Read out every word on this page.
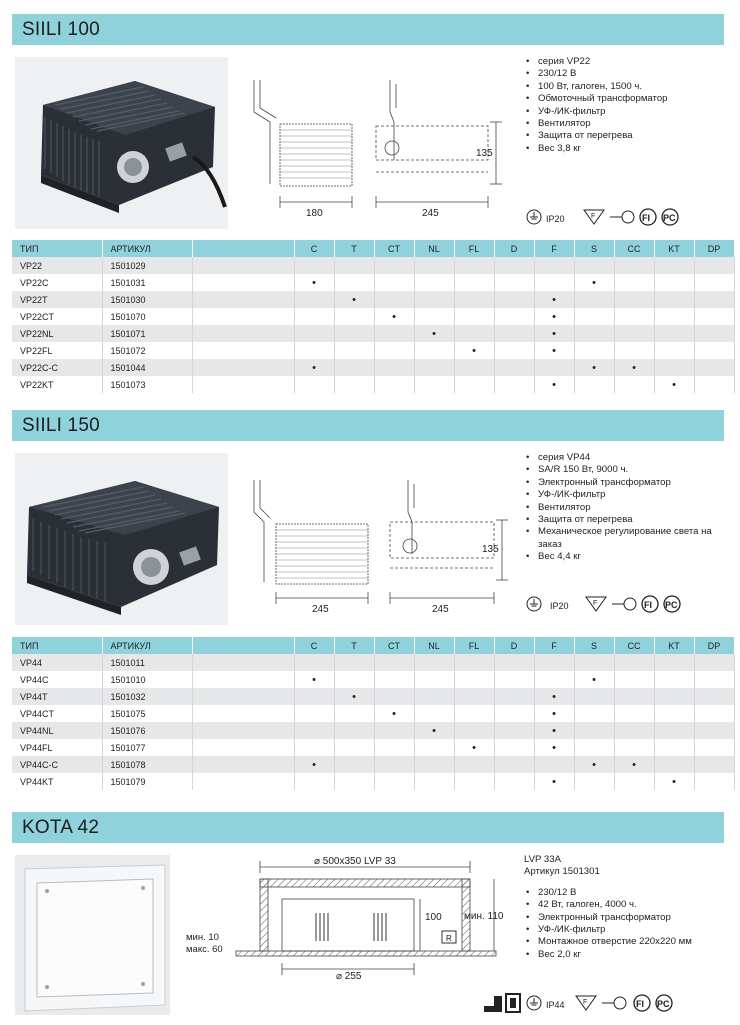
SIILI 100
180	245
135
• серия VP22
• 230/12 В
• 100 Вт, галоген, 1500 ч.
• Обмоточный трансформатор
• УФ-/ИК-фильтр
• Вентилятор
• Защита от перегрева
• Вес 3,8 кг
IP20	F	FI PC
ТИП	АРТИКУЛ		C	T	CT	NL	FL	D	F	S	CC	KT	DP
VP22	1501029												
VP22C	1501031		•							•			
VP22T	1501030			•					•				
VP22CT	1501070				•				•				
VP22NL	1501071					•			•				
VP22FL	1501072						•		•				
VP22C-C	1501044		•							•	•		
VP22KT	1501073								•			•	
SIILI 150
245	245
135
• серия VP44
• SA/R 150 Вт, 9000 ч.
• Электронный трансформатор
• УФ-/ИК-фильтр
• Вентилятор
• Защита от перегрева
• Механическое регулирование света на заказ
• Вес 4,4 кг
IP20	F	FI PC
ТИП	АРТИКУЛ		C	T	CT	NL	FL	D	F	S	CC	KT	DP
VP44	1501011												
VP44C	1501010		•							•			
VP44T	1501032			•					•				
VP44CT	1501075				•				•				
VP44NL	1501076					•			•				
VP44FL	1501077						•		•				
VP44C-C	1501078		•							•	•		
VP44KT	1501079								•			•	
KOTA 42
⌀ 500x350 LVP 33
R
100 мин. 110
⌀ 255
мин. 10
макс. 60
LVP 33A
Артикул 1501301
• 230/12 В
• 42 Вт, галоген, 4000 ч.
• Электронный трансформатор
• УФ-/ИК-фильтр
• Монтажное отверстие 220x220 мм
• Вес 2,0 кг
IP44	F	FI PC
